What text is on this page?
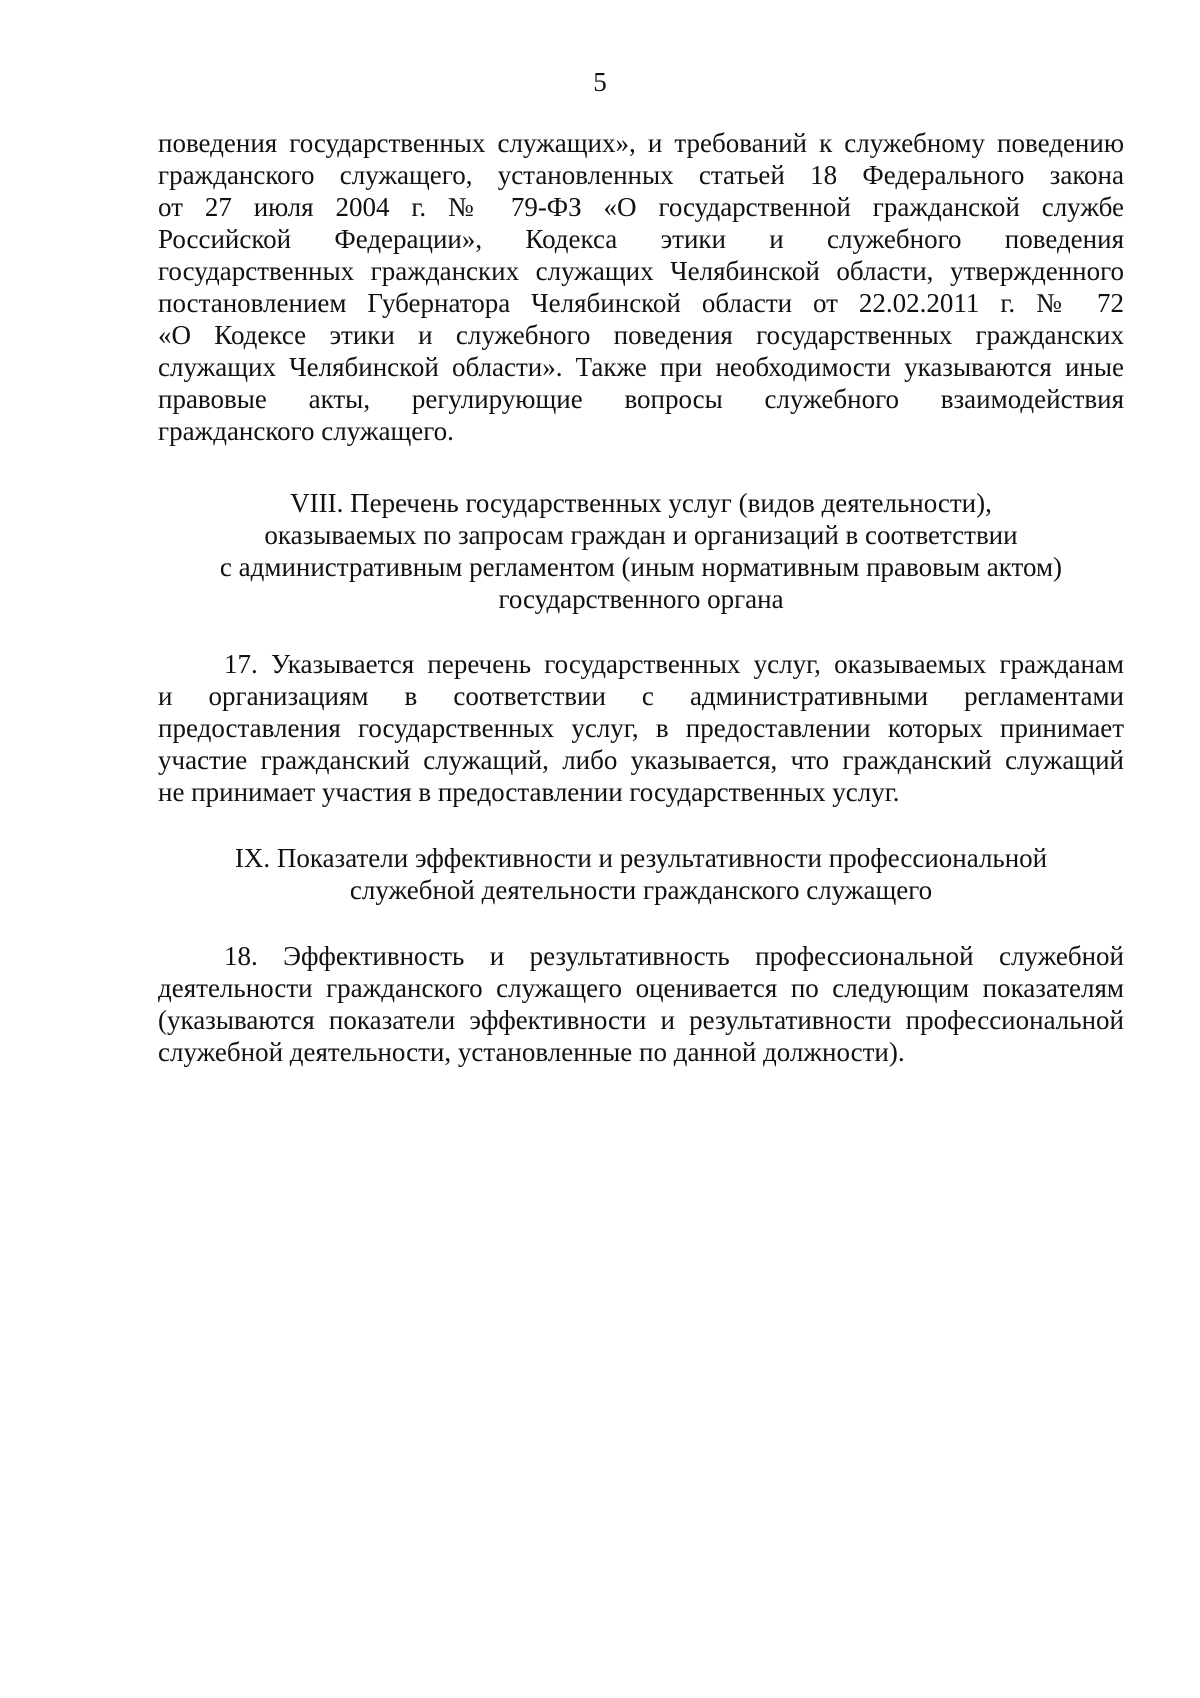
5
поведения государственных служащих», и требований к служебному поведению
гражданского служащего, установленных статьей 18 Федерального закона
от 27 июля 2004 г. № 79-ФЗ «О государственной гражданской службе
Российской Федерации», Кодекса этики и служебного поведения
государственных гражданских служащих Челябинской области, утвержденного
постановлением Губернатора Челябинской области от 22.02.2011 г. № 72
«О Кодексе этики и служебного поведения государственных гражданских
служащих Челябинской области». Также при необходимости указываются иные
правовые акты, регулирующие вопросы служебного взаимодействия
гражданского служащего.
VIII. Перечень государственных услуг (видов деятельности),
оказываемых по запросам граждан и организаций в соответствии
с административным регламентом (иным нормативным правовым актом)
государственного органа
17. Указывается перечень государственных услуг, оказываемых гражданам
и организациям в соответствии с административными регламентами
предоставления государственных услуг, в предоставлении которых принимает
участие гражданский служащий, либо указывается, что гражданский служащий
не принимает участия в предоставлении государственных услуг.
IX. Показатели эффективности и результативности профессиональной
служебной деятельности гражданского служащего
18. Эффективность и результативность профессиональной служебной
деятельности гражданского служащего оценивается по следующим показателям
(указываются показатели эффективности и результативности профессиональной
служебной деятельности, установленные по данной должности).
